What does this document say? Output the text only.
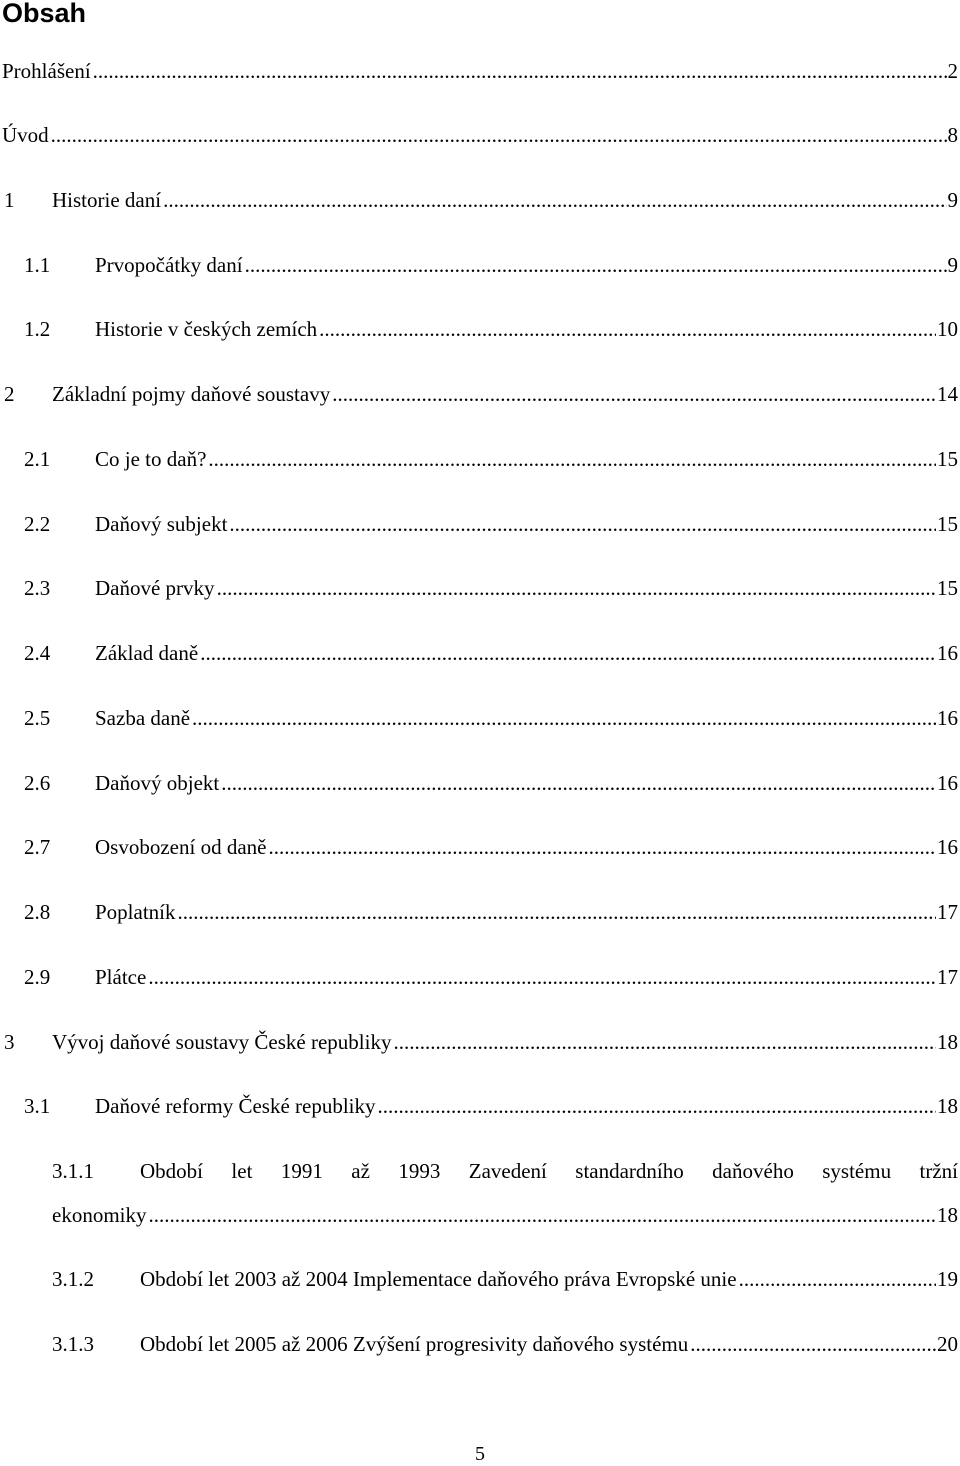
Obsah
Prohlášení .....	2
Úvod .....	8
1	Historie daní .....	9
1.1	Prvopočátky daní .....	9
1.2	Historie v českých zemích .....	10
2	Základní pojmy daňové soustavy .....	14
2.1	Co je to daň? .....	15
2.2	Daňový subjekt .....	15
2.3	Daňové prvky .....	15
2.4	Základ daně .....	16
2.5	Sazba daně .....	16
2.6	Daňový objekt .....	16
2.7	Osvobození od daně .....	16
2.8	Poplatník .....	17
2.9	Plátce .....	17
3	Vývoj daňové soustavy České republiky .....	18
3.1	Daňové reformy České republiky .....	18
3.1.1	Období let 1991 až 1993 Zavedení standardního daňového systému tržní
ekonomiky .....	18
3.1.2	Období let 2003 až 2004 Implementace daňového práva Evropské unie .....	19
3.1.3	Období let 2005 až 2006 Zvýšení progresivity daňového systému .....	20
5
